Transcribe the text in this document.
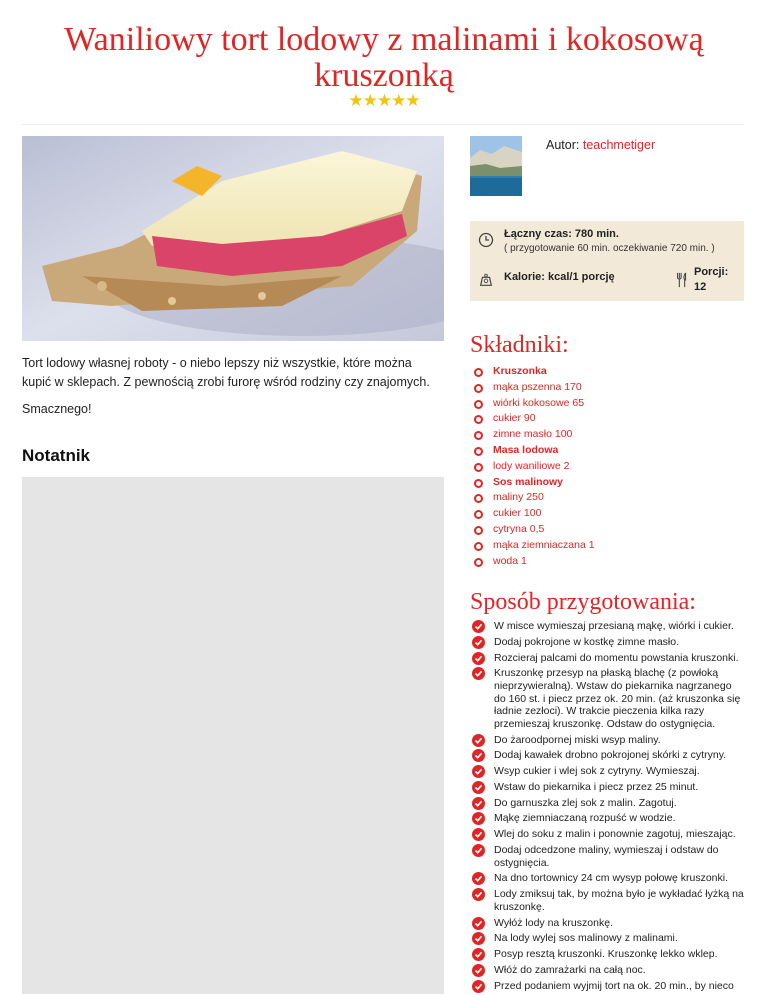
Waniliowy tort lodowy z malinami i kokosową kruszonką
★★★★★

Tort lodowy własnej roboty - o niebo lepszy niż wszystkie, które można kupić w sklepach. Z pewnością zrobi furorę wśród rodziny czy znajomych.

Smacznego!

Notatnik
Autor: teachmetiger
Łączny czas: 780 min.
( przygotowanie 60 min. oczekiwanie 720 min. )
Kalorie: kcal/1 porcję	Porcji:
12
Składniki:
Kruszonka
mąka pszenna 170
wiórki kokosowe 65
cukier 90
zimne masło 100
Masa lodowa
lody waniliowe 2
Sos malinowy
maliny 250
cukier 100
cytryna 0,5
mąka ziemniaczana 1
woda 1
Sposób przygotowania:
W misce wymieszaj przesianą mąkę, wiórki i cukier.
Dodaj pokrojone w kostkę zimne masło.
Rozcieraj palcami do momentu powstania kruszonki.
Kruszonkę przesyp na płaską blachę (z powłoką nieprzywieralną). Wstaw do piekarnika nagrzanego do 160 st. i piecz przez ok. 20 min. (aż kruszonka się ładnie zezłoci). W trakcie pieczenia kilka razy przemieszaj kruszonkę. Odstaw do ostygnięcia.
Do żaroodpornej miski wsyp maliny.
Dodaj kawałek drobno pokrojonej skórki z cytryny.
Wsyp cukier i wlej sok z cytryny. Wymieszaj.
Wstaw do piekarnika i piecz przez 25 minut.
Do garnuszka zlej sok z malin. Zagotuj.
Mąkę ziemniaczaną rozpuść w wodzie.
Wlej do soku z malin i ponownie zagotuj, mieszając.
Dodaj odcedzone maliny, wymieszaj i odstaw do ostygnięcia.
Na dno tortownicy 24 cm wysyp połowę kruszonki.
Lody zmiksuj tak, by można było je wykładać łyżką na kruszonkę.
Wyłóż lody na kruszonkę.
Na lody wylej sos malinowy z malinami.
Posyp resztą kruszonki. Kruszonkę lekko wklep.
Włóż do zamrażarki na całą noc.
Przed podaniem wyjmij tort na ok. 20 min., by nieco
